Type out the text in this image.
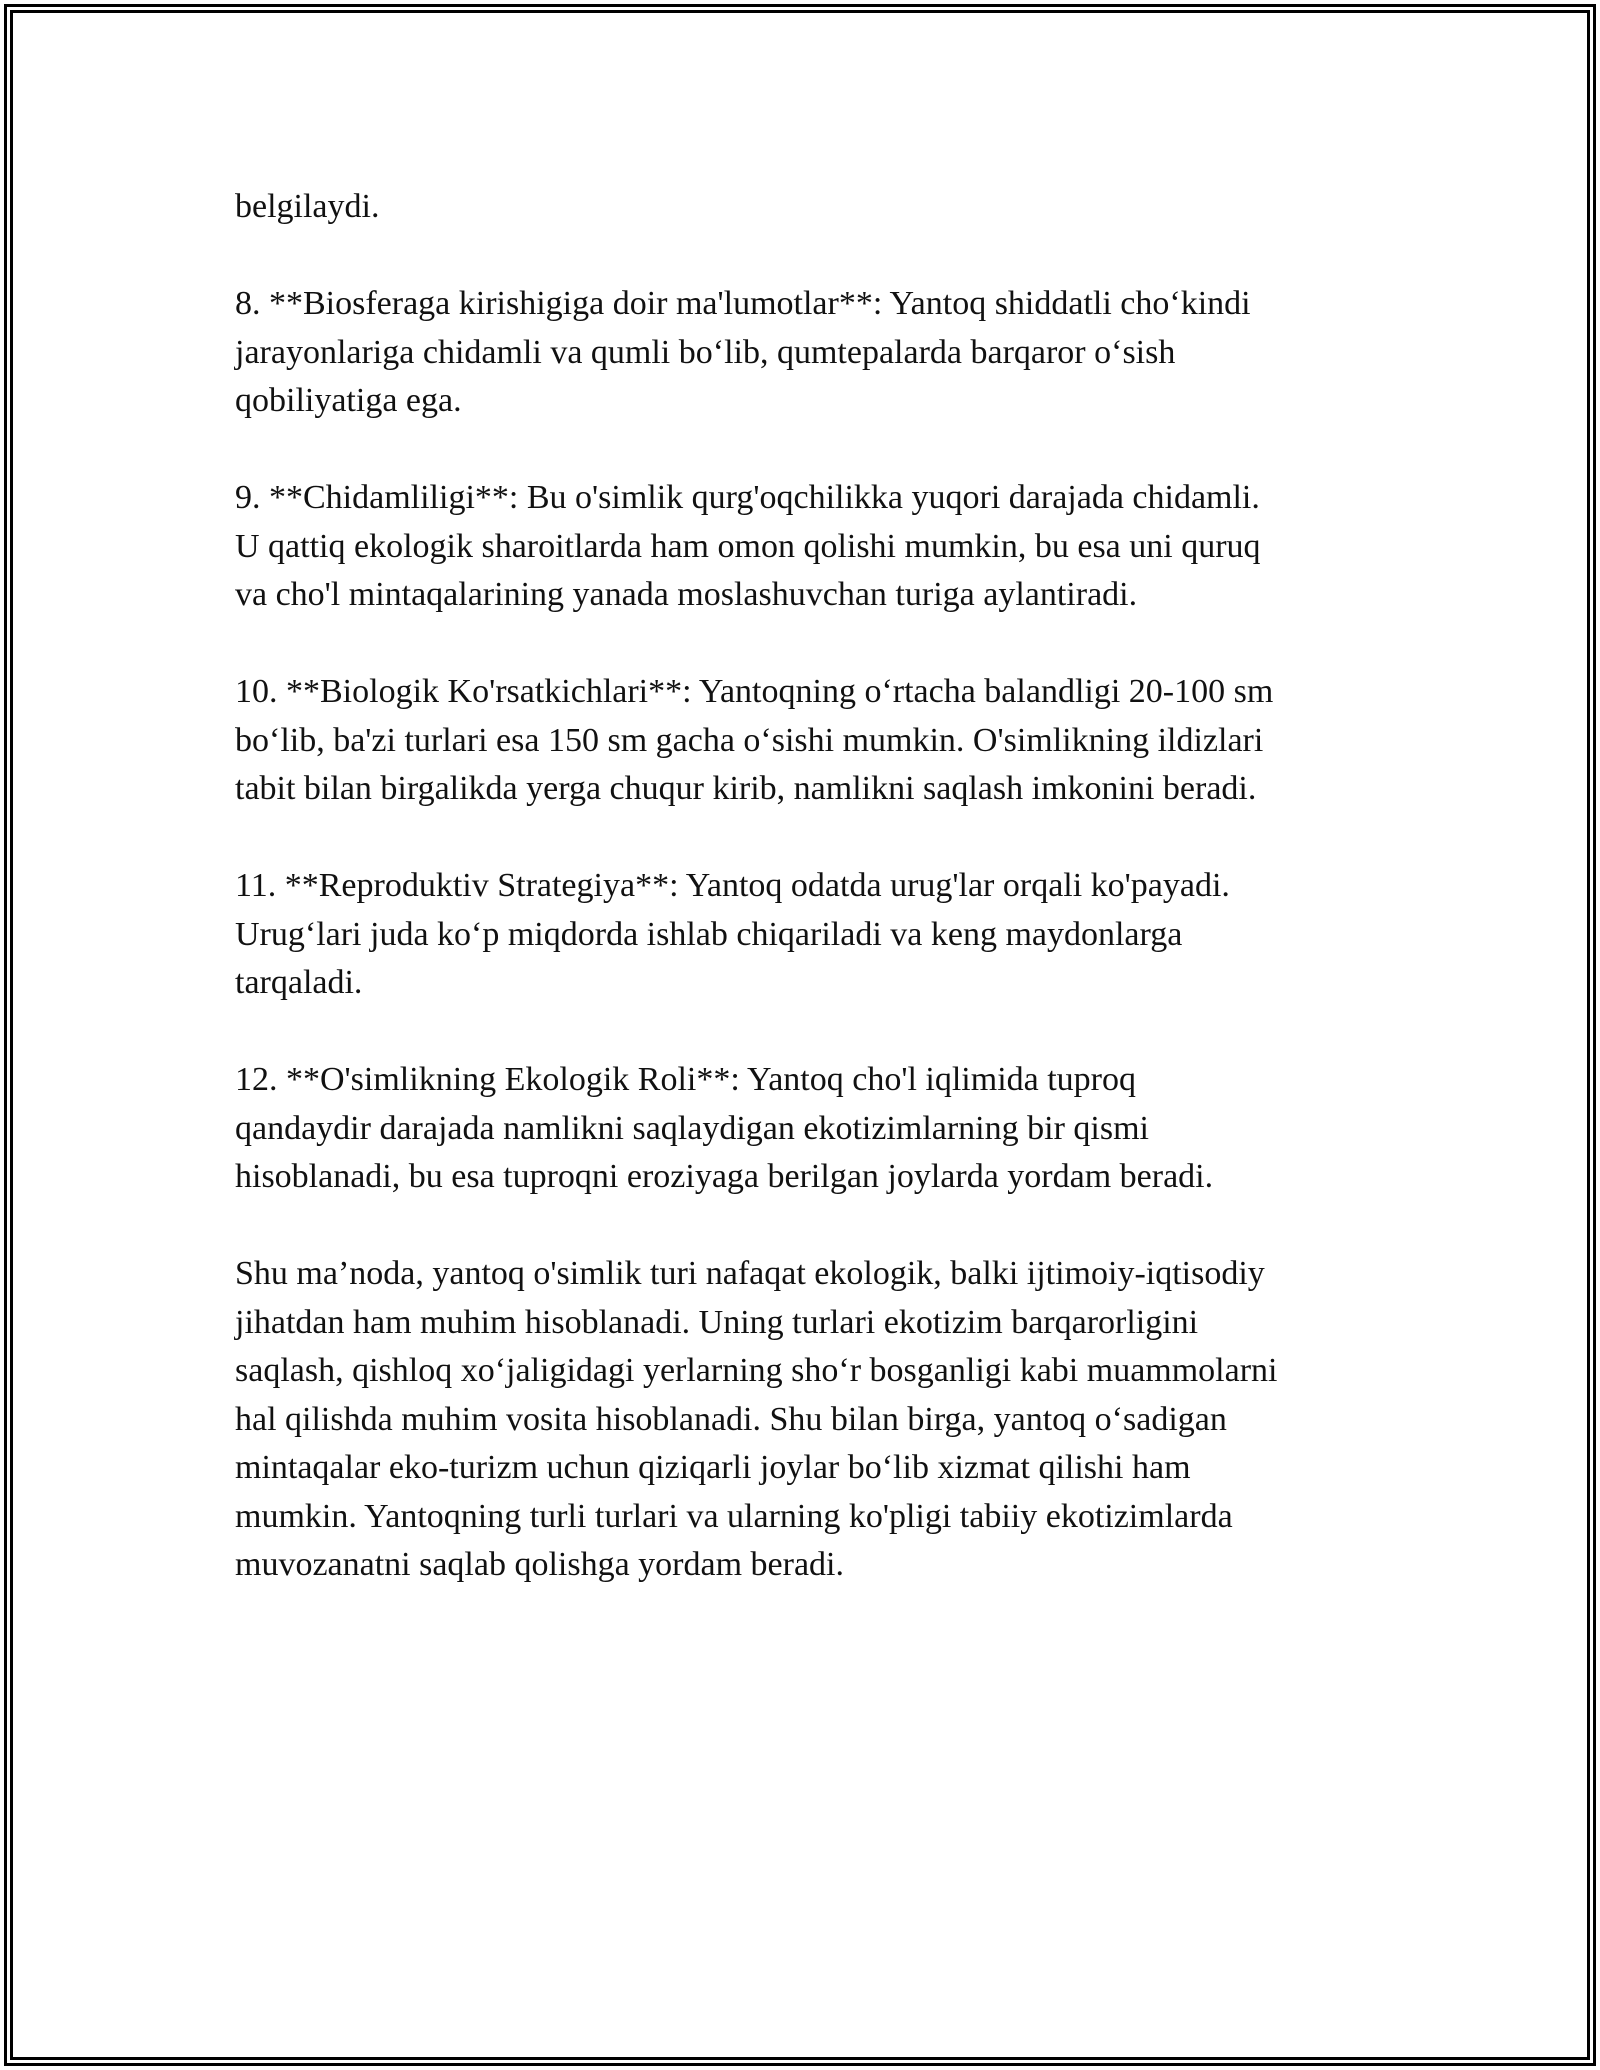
belgilaydi.

8. **Biosferaga kirishigiga doir ma'lumotlar**: Yantoq shiddatli cho‘kindi
jarayonlariga chidamli va qumli bo‘lib, qumtepalarda barqaror o‘sish
qobiliyatiga ega.

9. **Chidamliligi**: Bu o'simlik qurg'oqchilikka yuqori darajada chidamli.
U qattiq ekologik sharoitlarda ham omon qolishi mumkin, bu esa uni quruq
va cho'l mintaqalarining yanada moslashuvchan turiga aylantiradi.

10. **Biologik Ko'rsatkichlari**: Yantoqning o‘rtacha balandligi 20-100 sm
bo‘lib, ba'zi turlari esa 150 sm gacha o‘sishi mumkin. O'simlikning ildizlari
tabit bilan birgalikda yerga chuqur kirib, namlikni saqlash imkonini beradi.

11. **Reproduktiv Strategiya**: Yantoq odatda urug'lar orqali ko'payadi.
Urug‘lari juda ko‘p miqdorda ishlab chiqariladi va keng maydonlarga
tarqaladi.

12. **O'simlikning Ekologik Roli**: Yantoq cho'l iqlimida tuproq
qandaydir darajada namlikni saqlaydigan ekotizimlarning bir qismi
hisoblanadi, bu esa tuproqni eroziyaga berilgan joylarda yordam beradi.

Shu ma’noda, yantoq o'simlik turi nafaqat ekologik, balki ijtimoiy-iqtisodiy
jihatdan ham muhim hisoblanadi. Uning turlari ekotizim barqarorligini
saqlash, qishloq xo‘jaligidagi yerlarning sho‘r bosganligi kabi muammolarni
hal qilishda muhim vosita hisoblanadi. Shu bilan birga, yantoq o‘sadigan
mintaqalar eko-turizm uchun qiziqarli joylar bo‘lib xizmat qilishi ham
mumkin. Yantoqning turli turlari va ularning ko'pligi tabiiy ekotizimlarda
muvozanatni saqlab qolishga yordam beradi.
